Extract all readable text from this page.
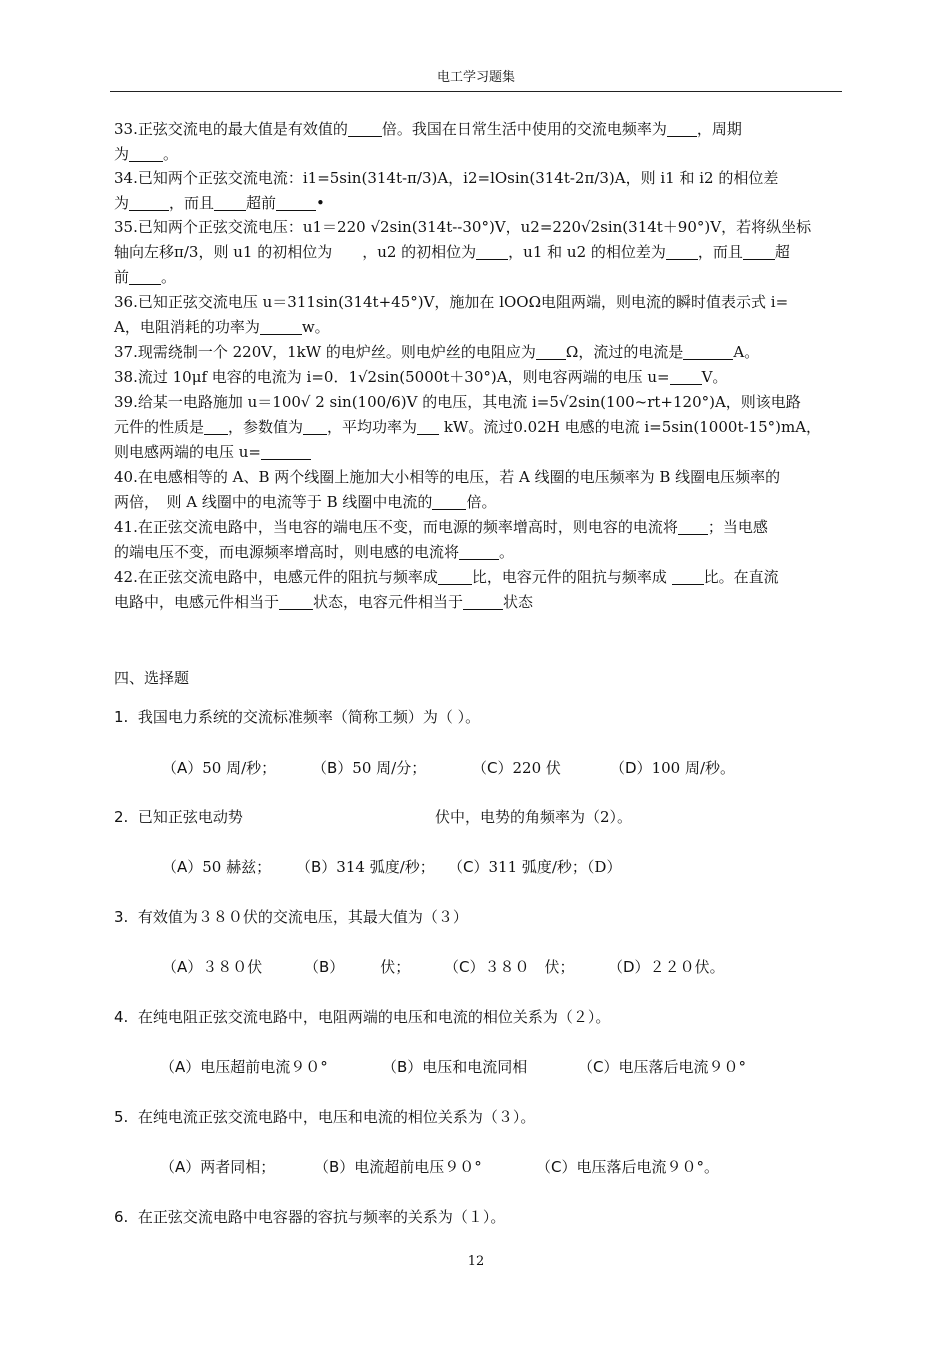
电工学习题集
33.正弦交流电的最大值是有效值的 倍。我国在日常生活中使用的交流电频率为 ，周期
为 。
34.已知两个正弦交流电流：i1=5sin(314t-π/3)A，i2=lOsin(314t-2π/3)A，则 i1 和 i2 的相位差
为	，而且 超前	•
35.已知两个正弦交流电压：u1＝220 √2sin(314t--30°)V，u2=220√2sin(314t＋90°)V，若将纵坐标
轴向左移π/3，则 u1 的初相位为　　，u2 的初相位为 ，u1 和 u2 的相位差为 ，而且 超
前 。
36.已知正弦交流电压 u＝311sin(314t+45°)V，施加在 lOOΩ电阻两端，则电流的瞬时值表示式 i=
A，电阻消耗的功率为	w。
37.现需绕制一个 220V，1kW 的电炉丝。则电炉丝的电阻应为 Ω，流过的电流是	A。
38.流过 10μf 电容的电流为 i=0．1√2sin(5000t＋30°)A，则电容两端的电压 u= V。
39.给某一电路施加 u＝100√ 2 sin(100/6)V 的电压，其电流 i=5√2sin(100~rt+120°)A，则该电路
元件的性质是 ，参数值为 ，平均功率为 kW。流过0.02H 电感的电流 i=5sin(1000t-15°)mA，
则电感两端的电压 u=
40.在电感相等的 A、B 两个线圈上施加大小相等的电压，若 A 线圈的电压频率为 B 线圈电压频率的
两倍，　则 A 线圈中的电流等于 B 线圈中电流的 倍。
41.在正弦交流电路中，当电容的端电压不变，而电源的频率增高时，则电容的电流将 ；当电感
的端电压不变，而电源频率增高时，则电感的电流将	。
42.在正弦交流电路中，电感元件的阻抗与频率成 比，电容元件的阻抗与频率成 比。在直流
电路中，电感元件相当于 状态，电容元件相当于	状态
四、选择题
1. 我国电力系统的交流标准频率（简称工频）为（ ）。
（A）50 周/秒； （B）50 周/分；	（C）220 伏	（D）100 周/秒。
2. 已知正弦电动势	伏中，电势的角频率为（2）。
（A）50 赫兹； （B）314 弧度/秒； （C）311 弧度/秒；（D）
3. 有效值为３８０伏的交流电压，其最大值为（３）
（A）３８０伏	（B） 伏； （C）３８０　伏； （D）２２０伏。
4. 在纯电阻正弦交流电路中，电阻两端的电压和电流的相位关系为（２）。
（A）电压超前电流９０°	（B）电压和电流同相	（C）电压落后电流９０°
5. 在纯电流正弦交流电路中，电压和电流的相位关系为（３）。
（A）两者同相；	（B）电流超前电压９０°	（C）电压落后电流９０°。
6. 在正弦交流电路中电容器的容抗与频率的关系为（１）。
12
